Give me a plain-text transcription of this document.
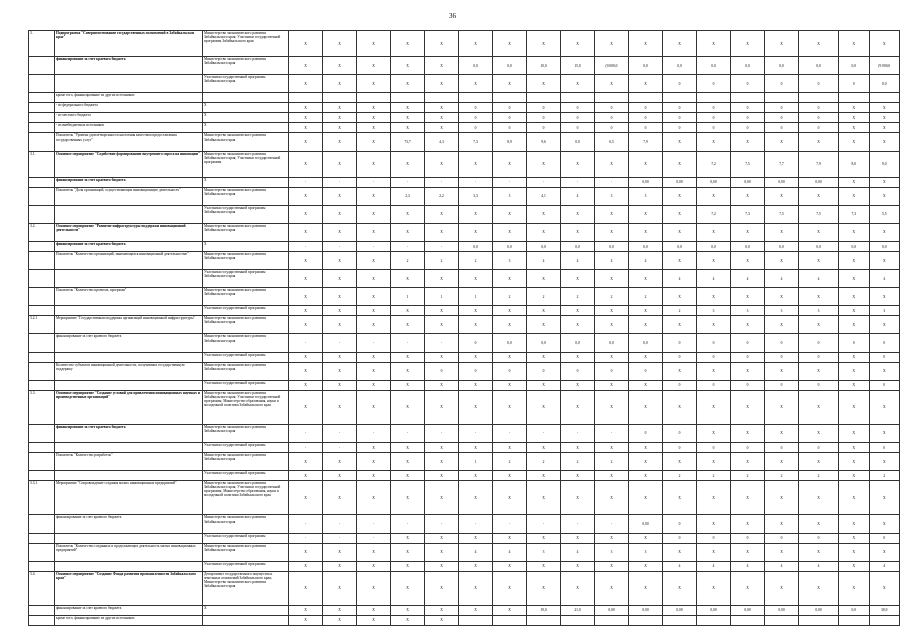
36
3.	Подпрограмма "Совершенствование государственных полномочий в Забайкальском крае"	Министерство экономического развития Забайкальского края; Участники государственной программы Забайкальского края	Х	Х	Х	Х	Х	Х	Х	Х	Х	Х	Х	Х	Х	Х	Х	Х	Х	Х
	финансирование за счет краевого бюджета	Министерство экономического развития Забайкальского края	Х	Х	Х	Х	Х	0,0	0,0	10,0	15,0	(0 000,0	0,0	0,0	0,0	0,0	0,0	0,0	0,0	(9 000,0
		Участники государственной программы Забайкальского края	Х	Х	Х	Х	Х	Х	Х	Х	Х	Х	Х	0	0	0	0	0	0	0,0
	кроме того, финансирование из других источников:																			
	- из федерального бюджета	Х	Х	Х	Х	Х	Х	0	0	0	0	0	0	0	0	0	0	0	Х	Х
	- из местного бюджета	Х	Х	Х	Х	Х	Х	0	0	0	0	0	0	0	0	0	0	0	Х	Х
	- из внебюджетных источников	Х	Х	Х	Х	Х	Х	0	0	0	0	0	0	0	0	0	0	0	Х	Х
	Показатель "Уровень удовлетворенности населения качеством предоставления государственных услуг"	Министерство экономического развития Забайкальского края	Х	Х	Х	73,7	4,3	7,3	8,9	9,6	0,0	6,5	7,9	Х	Х	Х	Х	Х	Х	Х
3.1.	Основное мероприятие "Содействие формированию внутреннего спроса на инновации"	Министерство экономического развития Забайкальского края; Участники государственной программы	Х	Х	Х	Х	Х	Х	Х	Х	Х	Х	Х	Х	7,2	7,5	7,7	7,9	8,0	9,0
	финансирование за счет краевого бюджета	Х	-	-	-	-	-	-	-	-	-	-	0,00	0,00	0,00	0,00	0,00	0,00	Х	Х
	Показатель "Доля организаций, осуществляющих инновационную деятельность"	Министерство экономического развития Забайкальского края	Х	Х	Х	2,3	2,2	3,3	3	4,1	4	3	3	Х	Х	Х	Х	Х	Х	Х
		Участники государственной программы Забайкальского края	Х	Х	Х	Х	Х	Х	Х	Х	Х	Х	Х	Х	7,2	7,3	7,5	7,5	7,3	5,5
3.2.	Основное мероприятие "Развитие инфраструктуры поддержки инновационной деятельности"	Министерство экономического развития Забайкальского края	Х	Х	Х	Х	Х	Х	Х	Х	Х	Х	Х	Х	Х	Х	Х	Х	Х	Х
	финансирование за счет краевого бюджета	Х	-	-	-	-	-	0,0	0,0	0,0	0,0	0,0	0,0	0,0	0,0	0,0	0,0	0,0	0,0	0,0
	Показатель "Количество организаций, занимающихся инновационной деятельностью"	Министерство экономического развития Забайкальского края	Х	Х	Х	2	2	2	3	4	4	4	4	Х	Х	Х	Х	Х	Х	Х
		Участники государственной программы Забайкальского края	Х	Х	Х	Х	Х	Х	Х	Х	Х	Х	Х	4	4	4	4	4	Х	4
	Показатель "Количество проектов, программ"	Министерство экономического развития Забайкальского края	Х	Х	Х	1	1	1	2	2	2	2	2	Х	Х	Х	Х	Х	Х	Х
		Участники государственной программы	Х	Х	Х	Х	Х	Х	Х	Х	Х	Х	Х	2	3	3	3	3	Х	3
3.2.1	Мероприятие "Государственная поддержка организаций инновационной инфраструктуры"	Министерство экономического развития Забайкальского края	Х	Х	Х	Х	Х	Х	Х	Х	Х	Х	Х	Х	Х	Х	Х	Х	Х	Х
	финансирование за счет краевого бюджета	Министерство экономического развития Забайкальского края	-	-	-	-	-	0	0,0	0,0	0,0	0,0	0,0	0	0	0	0	0	0	0
		Участники государственной программы	Х	Х	Х	Х	Х	Х	Х	Х	Х	Х	Х	0	0	0	0	0	Х	0
	Количество субъектов инновационной деятельности, получивших государственную поддержку	Министерство экономического развития Забайкальского края	Х	Х	Х	Х	0	0	0	0	0	0	0	Х	Х	Х	Х	Х	Х	Х
		Участники государственной программы	Х	Х	Х	Х	Х	Х	Х	Х	Х	Х	Х	0	0	0	0	0	Х	0
3.3.	Основное мероприятие "Создание условий для привлечения инновационных научных и производственных организаций"	Министерство экономического развития Забайкальского края; Участники государственной программы; Министерство образования, науки и молодежной политики Забайкальского края	Х	Х	Х	Х	Х	Х	Х	Х	Х	Х	Х	Х	Х	Х	Х	Х	Х	Х
	финансирование за счет краевого бюджета	Министерство экономического развития Забайкальского края	-	-	-	-	-	-	-	-	-	-	0	0	Х	Х	Х	Х	Х	Х
		Участники государственной программы	-	-	Х	Х	Х	Х	Х	Х	Х	Х	Х	0	0	0	0	0	Х	0
	Показатель "Количество разработок"	Министерство экономического развития Забайкальского края	Х	Х	Х	Х	Х	1	2	2	2	2	Х	Х	Х	Х	Х	Х	Х	Х
		Участники государственной программы	Х	Х	Х	Х	Х	Х	Х	Х	Х	Х	Х	2	2	2	2	2	Х	2
3.3.1.	Мероприятие "Сопровождение создания малых инновационных предприятий"	Министерство экономического развития Забайкальского края; Участники государственной программы; Министерство образования, науки и молодежной политики Забайкальского края	Х	Х	Х	Х	Х	Х	Х	Х	Х	Х	Х	Х	Х	Х	Х	Х	Х	Х
	финансирование за счет краевого бюджета	Министерство экономического развития Забайкальского края	-	-	-	-	-	-	-	-	-	-	0,00	0	Х	Х	Х	Х	Х	Х
		Участники государственной программы	-	-	-	Х	Х	Х	Х	Х	Х	Х	Х	0	0	0	0	0	Х	0
	Показатель "Количество созданных и продолжающих деятельность малых инновационных предприятий"	Министерство экономического развития Забайкальского края	Х	Х	Х	Х	Х	4	4	3	4	3	3	Х	Х	Х	Х	Х	Х	Х
		Участники государственной программы	Х	Х	Х	Х	Х	Х	Х	Х	Х	Х	Х	4	4	4	4	4	Х	4
3.4.	Основное мероприятие "Создание Фонда развития промышленности Забайкальского края"	Департамент государственного имущества и земельных отношений Забайкальского края; Министерство экономического развития Забайкальского края	Х	Х	Х	Х	Х	Х	Х	Х	Х	Х	Х	Х	Х	Х	Х	Х	Х	Х
	финансирование за счет краевого бюджета	Х	Х	Х	Х	Х	Х	Х	Х	19,0	21,0	0,00	0,00	0,00	0,00	0,00	0,00	0,00	0,0	30,0
	кроме того, финансирование из других источников:		Х	Х	Х	Х	Х													
